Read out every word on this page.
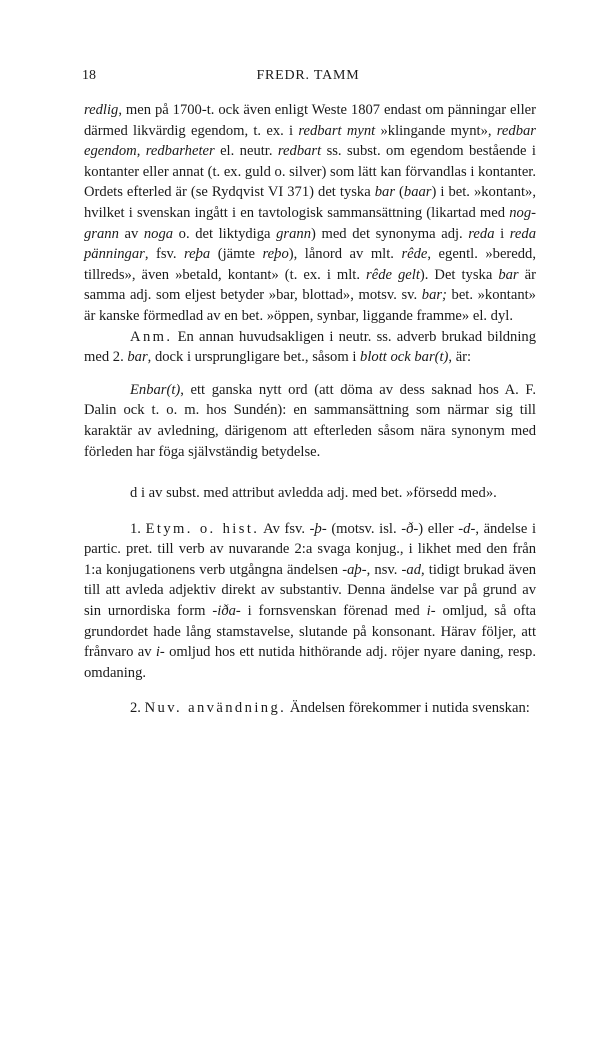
18	FREDR. TAMM

redlig, men på 1700-t. ock även enligt Weste 1807 endast om pänningar eller därmed likvärdig egendom, t. ex. i redbart mynt »klingande mynt», redbar egendom, redbarheter el. neutr. redbart ss. subst. om egendom bestående i kontanter eller annat (t. ex. guld o. silver) som lätt kan förvandlas i kontanter. Ordets efterled är (se Rydqvist VI 371) det tyska bar (baar) i bet. »kontant», hvilket i svenskan ingått i en tavtologisk sammansättning (likartad med nog-grann av noga o. det liktydiga grann) med det synonyma adj. reda i reda pänningar, fsv. reþa (jämte reþo), lånord av mlt. rêde, egentl. »beredd, tillreds», även »betald, kontant» (t. ex. i mlt. rêde gelt). Det tyska bar är samma adj. som eljest betyder »bar, blottad», motsv. sv. bar; bet. »kontant» är kanske förmedlad av en bet. »öppen, synbar, liggande framme» el. dyl.

Anm. En annan huvudsakligen i neutr. ss. adverb brukad bildning med 2. bar, dock i ursprungligare bet., såsom i blott ock bar(t), är:

Enbar(t), ett ganska nytt ord (att döma av dess saknad hos A. F. Dalin ock t. o. m. hos Sundén): en sammansättning som närmar sig till karaktär av avledning, därigenom att efterleden såsom nära synonym med förleden har föga självständig betydelse.

d i av subst. med attribut avledda adj. med bet. »försedd med».

1. Etym. o. hist. Av fsv. -þ- (motsv. isl. -ð-) eller -d-, ändelse i partic. pret. till verb av nuvarande 2:a svaga konjug., i likhet med den från 1:a konjugationens verb utgångna ändelsen -aþ-, nsv. -ad, tidigt brukad även till att avleda adjektiv direkt av substantiv. Denna ändelse var på grund av sin urnordiska form -iða- i fornsvenskan förenad med i- omljud, så ofta grundordet hade lång stamstavelse, slutande på konsonant. Härav följer, att frånvaro av i- omljud hos ett nutida hithörande adj. röjer nyare daning, resp. omdaning.

2. Nuv. användning. Ändelsen förekommer i nutida svenskan:
